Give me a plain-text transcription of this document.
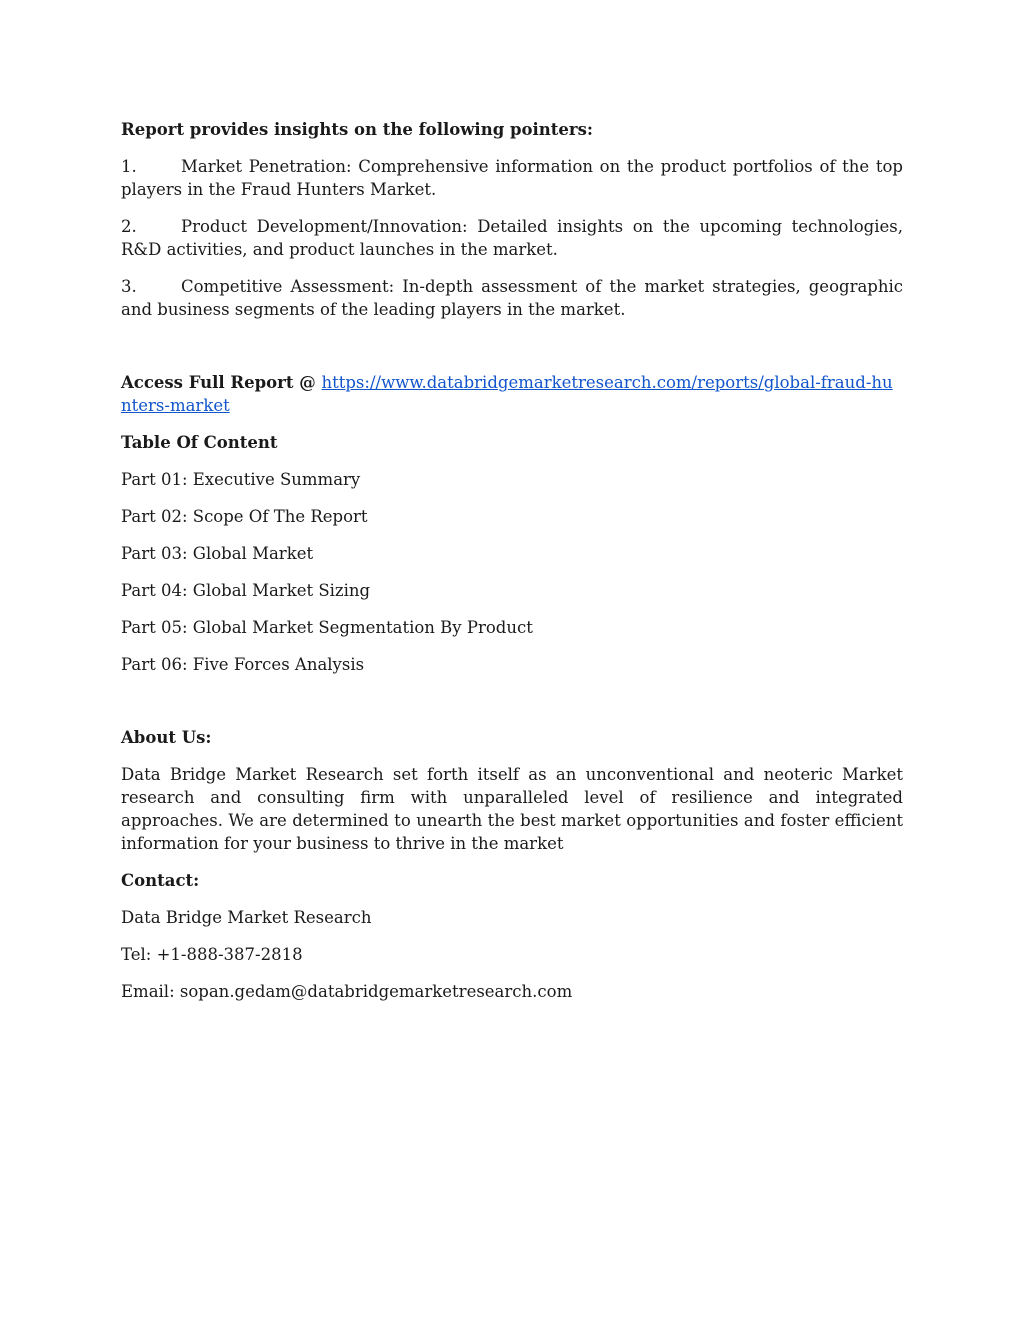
Report provides insights on the following pointers:

1.	Market Penetration: Comprehensive information on the product portfolios of the top players in the Fraud Hunters Market.

2.	Product Development/Innovation: Detailed insights on the upcoming technologies, R&D activities, and product launches in the market.

3.	Competitive Assessment: In-depth assessment of the market strategies, geographic and business segments of the leading players in the market.

Access Full Report @ https://www.databridgemarketresearch.com/reports/global-fraud-hunters-market

Table Of Content

Part 01: Executive Summary

Part 02: Scope Of The Report

Part 03: Global Market

Part 04: Global Market Sizing

Part 05: Global Market Segmentation By Product

Part 06: Five Forces Analysis

About Us:

Data Bridge Market Research set forth itself as an unconventional and neoteric Market research and consulting firm with unparalleled level of resilience and integrated approaches. We are determined to unearth the best market opportunities and foster efficient information for your business to thrive in the market

Contact:

Data Bridge Market Research

Tel: +1-888-387-2818

Email: sopan.gedam@databridgemarketresearch.com
